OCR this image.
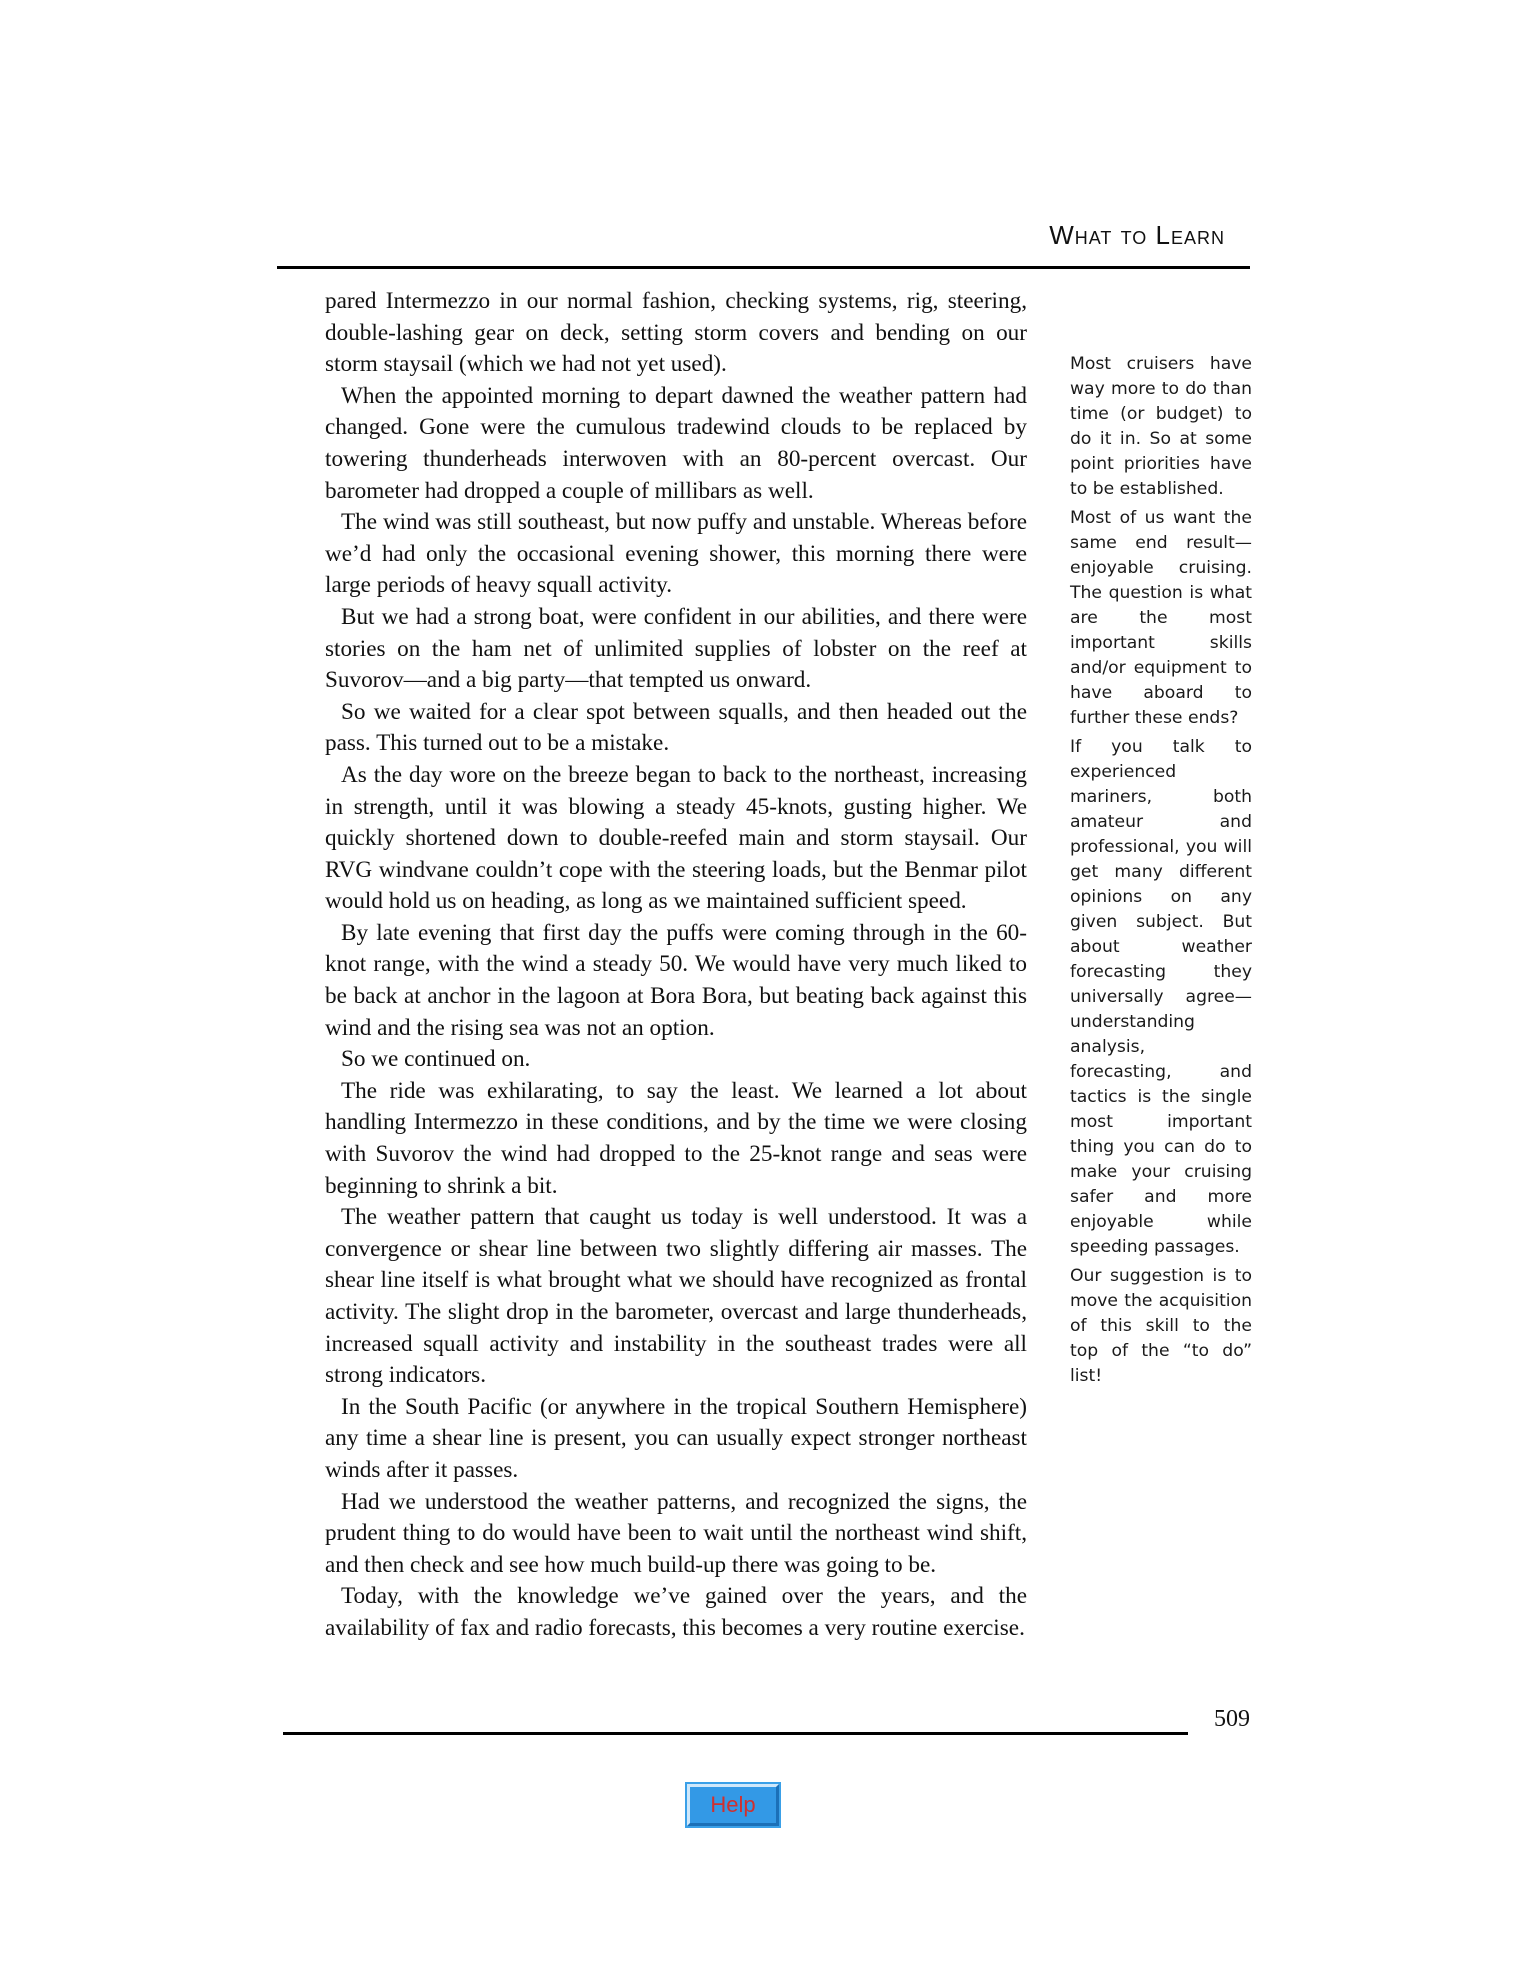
What to Learn

pared Intermezzo in our normal fashion, checking systems, rig, steering, double-lashing gear on deck, setting storm covers and bending on our storm staysail (which we had not yet used).

When the appointed morning to depart dawned the weather pattern had changed. Gone were the cumulous tradewind clouds to be replaced by towering thunderheads interwoven with an 80-percent overcast. Our barometer had dropped a couple of millibars as well.

The wind was still southeast, but now puffy and unstable. Whereas before we’d had only the occasional evening shower, this morning there were large periods of heavy squall activity.

But we had a strong boat, were confident in our abilities, and there were stories on the ham net of unlimited supplies of lobster on the reef at Suvorov—and a big party—that tempted us onward.

So we waited for a clear spot between squalls, and then headed out the pass. This turned out to be a mistake.

As the day wore on the breeze began to back to the northeast, increasing in strength, until it was blowing a steady 45-knots, gusting higher. We quickly shortened down to double-reefed main and storm staysail. Our RVG windvane couldn’t cope with the steering loads, but the Benmar pilot would hold us on heading, as long as we maintained sufficient speed.

By late evening that first day the puffs were coming through in the 60-knot range, with the wind a steady 50. We would have very much liked to be back at anchor in the lagoon at Bora Bora, but beating back against this wind and the rising sea was not an option.

So we continued on.

The ride was exhilarating, to say the least. We learned a lot about handling Intermezzo in these conditions, and by the time we were closing with Suvorov the wind had dropped to the 25-knot range and seas were beginning to shrink a bit.

The weather pattern that caught us today is well understood. It was a convergence or shear line between two slightly differing air masses. The shear line itself is what brought what we should have recognized as frontal activity. The slight drop in the barometer, overcast and large thunderheads, increased squall activity and instability in the southeast trades were all strong indicators.

In the South Pacific (or anywhere in the tropical Southern Hemisphere) any time a shear line is present, you can usually expect stronger northeast winds after it passes.

Had we understood the weather patterns, and recognized the signs, the prudent thing to do would have been to wait until the northeast wind shift, and then check and see how much build-up there was going to be.

Today, with the knowledge we’ve gained over the years, and the availability of fax and radio forecasts, this becomes a very routine exercise.

Most cruisers have way more to do than time (or budget) to do it in. So at some point priorities have to be established.

Most of us want the same end result—enjoyable cruising. The question is what are the most important skills and/or equipment to have aboard to further these ends?

If you talk to experienced mariners, both amateur and professional, you will get many different opinions on any given subject. But about weather forecasting they universally agree—understanding analysis, forecasting, and tactics is the single most important thing you can do to make your cruising safer and more enjoyable while speeding passages.

Our suggestion is to move the acquisition of this skill to the top of the “to do” list!

509
Help
